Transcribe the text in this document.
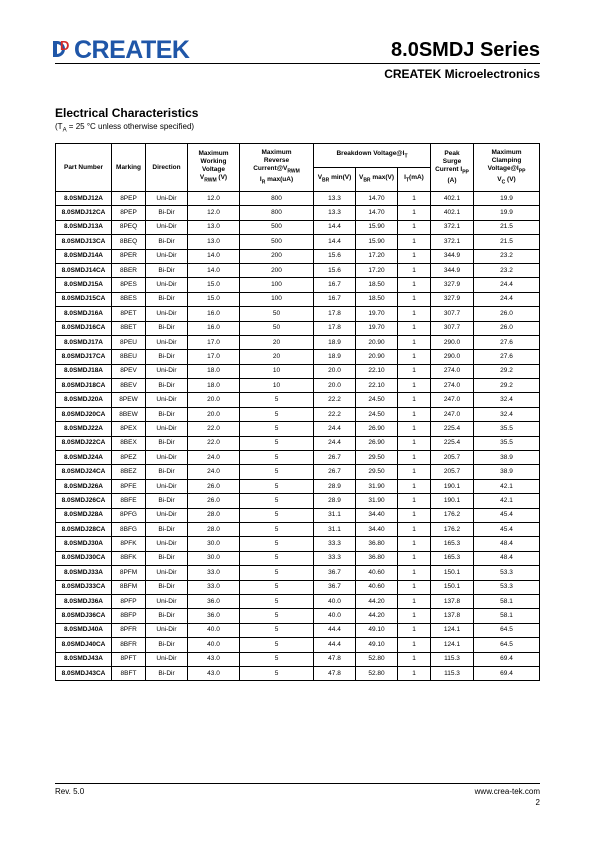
D CREATEK	8.0SMDJ Series
CREATEK Microelectronics
Electrical Characteristics
($T_A = 25$ °C unless otherwise specified)
Part Number	Marking	Direction	Maximum
Working
Voltage
$V_{RWM}$ (V)	Maximum
Reverse
$Current@V_{RWM}$
$I_R$ max(uA)	Breakdown $Voltage@I_T$			Peak
Surge
Current $I_{PP}$
(A)	Maximum
Clamping
$Voltage@I_{PP}$
$V_C$ (V)
					$V_{BR}$ min(V)	$V_{BR}$ max(V)	$I_T(mA)$		
8.0SMDJ12A	8PEP	Uni-Dir	12.0	800	13.3	14.70	1	402.1	19.9
8.0SMDJ12CA	8PEP	Bi-Dir	12.0	800	13.3	14.70	1	402.1	19.9
8.0SMDJ13A	8PEQ	Uni-Dir	13.0	500	14.4	15.90	1	372.1	21.5
8.0SMDJ13CA	8BEQ	Bi-Dir	13.0	500	14.4	15.90	1	372.1	21.5
8.0SMDJ14A	8PER	Uni-Dir	14.0	200	15.6	17.20	1	344.9	23.2
8.0SMDJ14CA	8BER	Bi-Dir	14.0	200	15.6	17.20	1	344.9	23.2
8.0SMDJ15A	8PES	Uni-Dir	15.0	100	16.7	18.50	1	327.9	24.4
8.0SMDJ15CA	8BES	Bi-Dir	15.0	100	16.7	18.50	1	327.9	24.4
8.0SMDJ16A	8PET	Uni-Dir	16.0	50	17.8	19.70	1	307.7	26.0
8.0SMDJ16CA	8BET	Bi-Dir	16.0	50	17.8	19.70	1	307.7	26.0
8.0SMDJ17A	8PEU	Uni-Dir	17.0	20	18.9	20.90	1	290.0	27.6
8.0SMDJ17CA	8BEU	Bi-Dir	17.0	20	18.9	20.90	1	290.0	27.6
8.0SMDJ18A	8PEV	Uni-Dir	18.0	10	20.0	22.10	1	274.0	29.2
8.0SMDJ18CA	8BEV	Bi-Dir	18.0	10	20.0	22.10	1	274.0	29.2
8.0SMDJ20A	8PEW	Uni-Dir	20.0	5	22.2	24.50	1	247.0	32.4
8.0SMDJ20CA	8BEW	Bi-Dir	20.0	5	22.2	24.50	1	247.0	32.4
8.0SMDJ22A	8PEX	Uni-Dir	22.0	5	24.4	26.90	1	225.4	35.5
8.0SMDJ22CA	8BEX	Bi-Dir	22.0	5	24.4	26.90	1	225.4	35.5
8.0SMDJ24A	8PEZ	Uni-Dir	24.0	5	26.7	29.50	1	205.7	38.9
8.0SMDJ24CA	8BEZ	Bi-Dir	24.0	5	26.7	29.50	1	205.7	38.9
8.0SMDJ26A	8PFE	Uni-Dir	26.0	5	28.9	31.90	1	190.1	42.1
8.0SMDJ26CA	8BFE	Bi-Dir	26.0	5	28.9	31.90	1	190.1	42.1
8.0SMDJ28A	8PFG	Uni-Dir	28.0	5	31.1	34.40	1	176.2	45.4
8.0SMDJ28CA	8BFG	Bi-Dir	28.0	5	31.1	34.40	1	176.2	45.4
8.0SMDJ30A	8PFK	Uni-Dir	30.0	5	33.3	36.80	1	165.3	48.4
8.0SMDJ30CA	8BFK	Bi-Dir	30.0	5	33.3	36.80	1	165.3	48.4
8.0SMDJ33A	8PFM	Uni-Dir	33.0	5	36.7	40.60	1	150.1	53.3
8.0SMDJ33CA	8BFM	Bi-Dir	33.0	5	36.7	40.60	1	150.1	53.3
8.0SMDJ36A	8PFP	Uni-Dir	36.0	5	40.0	44.20	1	137.8	58.1
8.0SMDJ36CA	8BFP	Bi-Dir	36.0	5	40.0	44.20	1	137.8	58.1
8.0SMDJ40A	8PFR	Uni-Dir	40.0	5	44.4	49.10	1	124.1	64.5
8.0SMDJ40CA	8BFR	Bi-Dir	40.0	5	44.4	49.10	1	124.1	64.5
8.0SMDJ43A	8PFT	Uni-Dir	43.0	5	47.8	52.80	1	115.3	69.4
8.0SMDJ43CA	8BFT	Bi-Dir	43.0	5	47.8	52.80	1	115.3	69.4
Rev. 5.0	www.crea-tek.com
2
